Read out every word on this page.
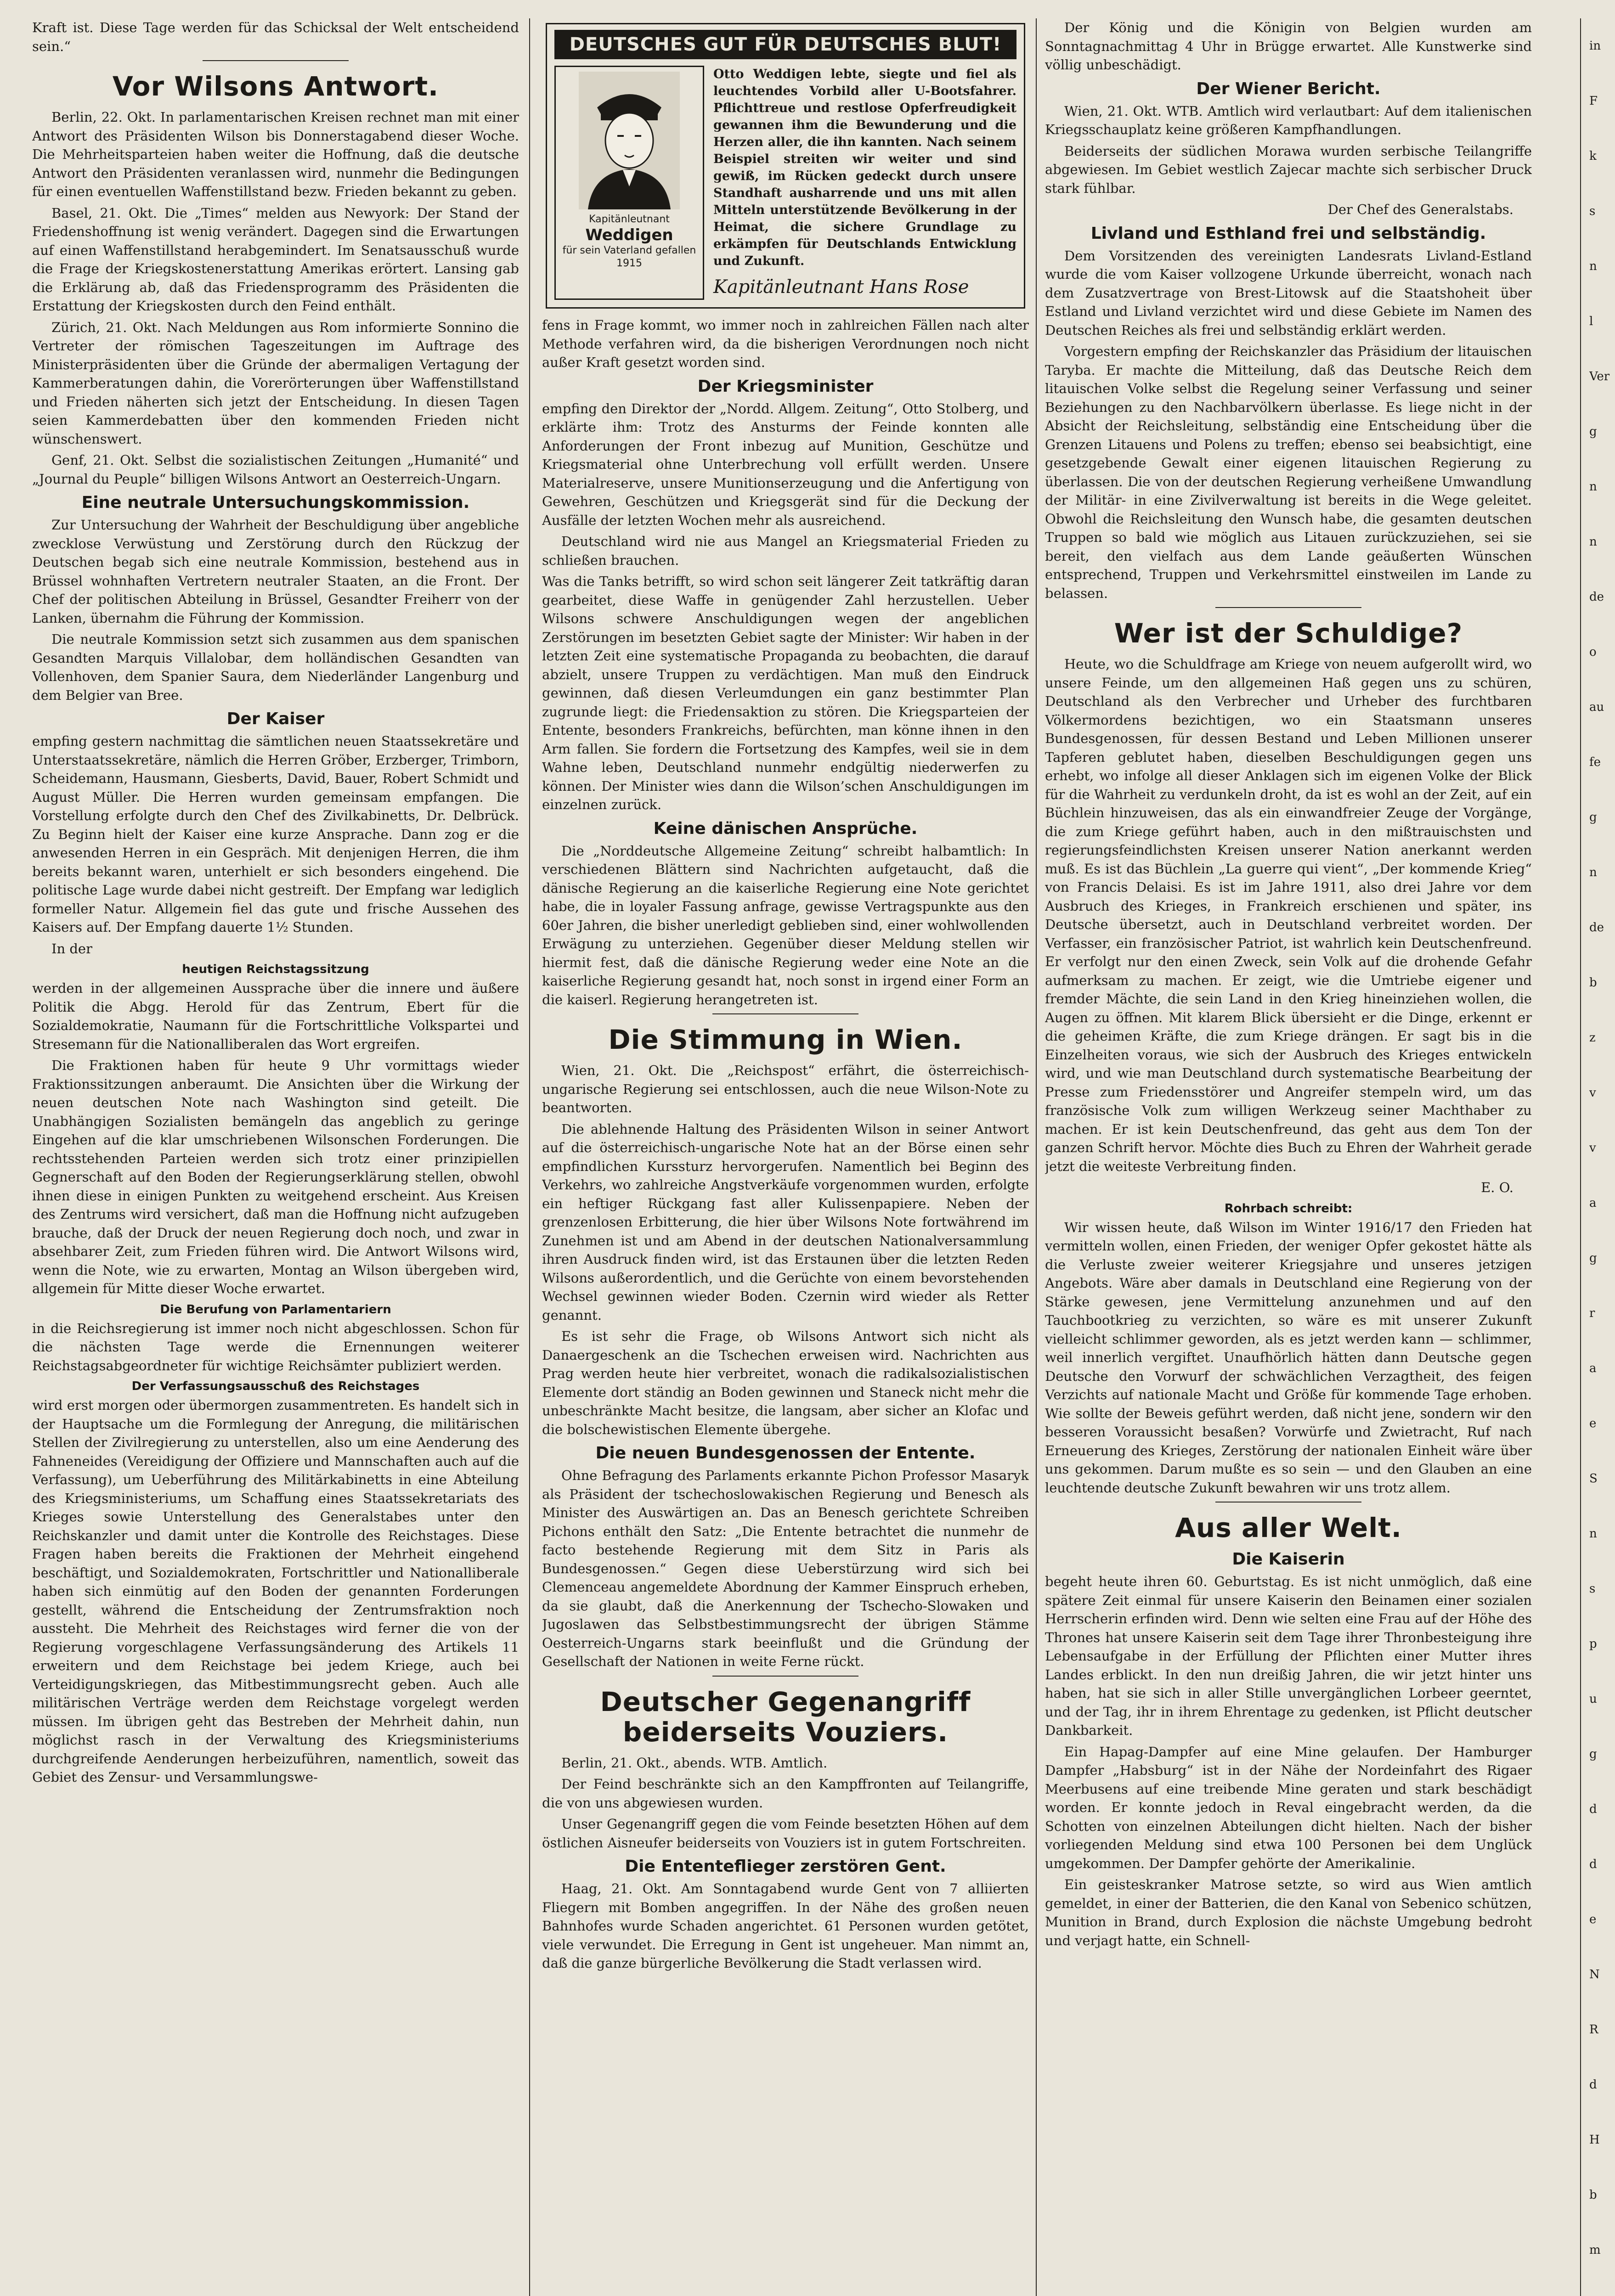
Kraft ist. Diese Tage werden für das Schicksal der Welt entscheidend sein.“

Vor Wilsons Antwort.

Berlin, 22. Okt. In parlamentarischen Kreisen rechnet man mit einer Antwort des Präsidenten Wilson bis Donnerstagabend dieser Woche. Die Mehrheitsparteien haben weiter die Hoffnung, daß die deutsche Antwort den Präsidenten veranlassen wird, nunmehr die Bedingungen für einen eventuellen Waffenstillstand bezw. Frieden bekannt zu geben.

Basel, 21. Okt. Die „Times“ melden aus Newyork: Der Stand der Friedenshoffnung ist wenig verändert. Dagegen sind die Erwartungen auf einen Waffenstillstand herabgemindert. Im Senatsausschuß wurde die Frage der Kriegskostenerstattung Amerikas erörtert. Lansing gab die Erklärung ab, daß das Friedensprogramm des Präsidenten die Erstattung der Kriegskosten durch den Feind enthält.

Zürich, 21. Okt. Nach Meldungen aus Rom informierte Sonnino die Vertreter der römischen Tageszeitungen im Auftrage des Ministerpräsidenten über die Gründe der abermaligen Vertagung der Kammerberatungen dahin, die Vorerörterungen über Waffenstillstand und Frieden näherten sich jetzt der Entscheidung. In diesen Tagen seien Kammerdebatten über den kommenden Frieden nicht wünschenswert.

Genf, 21. Okt. Selbst die sozialistischen Zeitungen „Humanité“ und „Journal du Peuple“ billigen Wilsons Antwort an Oesterreich-Ungarn.

Eine neutrale Untersuchungskommission.

Zur Untersuchung der Wahrheit der Beschuldigung über angebliche zwecklose Verwüstung und Zerstörung durch den Rückzug der Deutschen begab sich eine neutrale Kommission, bestehend aus in Brüssel wohnhaften Vertretern neutraler Staaten, an die Front. Der Chef der politischen Abteilung in Brüssel, Gesandter Freiherr von der Lanken, übernahm die Führung der Kommission.

Die neutrale Kommission setzt sich zusammen aus dem spanischen Gesandten Marquis Villalobar, dem holländischen Gesandten van Vollenhoven, dem Spanier Saura, dem Niederländer Langenburg und dem Belgier van Bree.

Der Kaiser

empfing gestern nachmittag die sämtlichen neuen Staatssekretäre und Unterstaatssekretäre, nämlich die Herren Gröber, Erzberger, Trimborn, Scheidemann, Hausmann, Giesberts, David, Bauer, Robert Schmidt und August Müller. Die Herren wurden gemeinsam empfangen. Die Vorstellung erfolgte durch den Chef des Zivilkabinetts, Dr. Delbrück. Zu Beginn hielt der Kaiser eine kurze Ansprache. Dann zog er die anwesenden Herren in ein Gespräch. Mit denjenigen Herren, die ihm bereits bekannt waren, unterhielt er sich besonders eingehend. Die politische Lage wurde dabei nicht gestreift. Der Empfang war lediglich formeller Natur. Allgemein fiel das gute und frische Aussehen des Kaisers auf. Der Empfang dauerte 1½ Stunden.

In der

heutigen Reichstagssitzung

werden in der allgemeinen Aussprache über die innere und äußere Politik die Abgg. Herold für das Zentrum, Ebert für die Sozialdemokratie, Naumann für die Fortschrittliche Volkspartei und Stresemann für die Nationalliberalen das Wort ergreifen.

Die Fraktionen haben für heute 9 Uhr vormittags wieder Fraktionssitzungen anberaumt. Die Ansichten über die Wirkung der neuen deutschen Note nach Washington sind geteilt. Die Unabhängigen Sozialisten bemängeln das angeblich zu geringe Eingehen auf die klar umschriebenen Wilsonschen Forderungen. Die rechtsstehenden Parteien werden sich trotz einer prinzipiellen Gegnerschaft auf den Boden der Regierungserklärung stellen, obwohl ihnen diese in einigen Punkten zu weitgehend erscheint. Aus Kreisen des Zentrums wird versichert, daß man die Hoffnung nicht aufzugeben brauche, daß der Druck der neuen Regierung doch noch, und zwar in absehbarer Zeit, zum Frieden führen wird. Die Antwort Wilsons wird, wenn die Note, wie zu erwarten, Montag an Wilson übergeben wird, allgemein für Mitte dieser Woche erwartet.

Die Berufung von Parlamentariern

in die Reichsregierung ist immer noch nicht abgeschlossen. Schon für die nächsten Tage werde die Ernennungen weiterer Reichstagsabgeordneter für wichtige Reichsämter publiziert werden.

Der Verfassungsausschuß des Reichstages

wird erst morgen oder übermorgen zusammentreten. Es handelt sich in der Hauptsache um die Formlegung der Anregung, die militärischen Stellen der Zivilregierung zu unterstellen, also um eine Aenderung des Fahneneides (Vereidigung der Offiziere und Mannschaften auch auf die Verfassung), um Ueberführung des Militärkabinetts in eine Abteilung des Kriegsministeriums, um Schaffung eines Staatssekretariats des Krieges sowie Unterstellung des Generalstabes unter den Reichskanzler und damit unter die Kontrolle des Reichstages. Diese Fragen haben bereits die Fraktionen der Mehrheit eingehend beschäftigt, und Sozialdemokraten, Fortschrittler und Nationalliberale haben sich einmütig auf den Boden der genannten Forderungen gestellt, während die Entscheidung der Zentrumsfraktion noch aussteht. Die Mehrheit des Reichstages wird ferner die von der Regierung vorgeschlagene Verfassungsänderung des Artikels 11 erweitern und dem Reichstage bei jedem Kriege, auch bei Verteidigungskriegen, das Mitbestimmungsrecht geben. Auch alle militärischen Verträge werden dem Reichstage vorgelegt werden müssen. Im übrigen geht das Bestreben der Mehrheit dahin, nun möglichst rasch in der Verwaltung des Kriegsministeriums durchgreifende Aenderungen herbeizuführen, namentlich, soweit das Gebiet des Zensur- und Versammlungswe-

DEUTSCHES GUT FÜR DEUTSCHES BLUT!
Kapitänleutnant
Weddigen
für sein Vaterland gefallen
1915

Otto Weddigen lebte, siegte und fiel als leuchtendes Vorbild aller U-Bootsfahrer. Pflichttreue und restlose Opferfreudigkeit gewannen ihm die Bewunderung und die Herzen aller, die ihn kannten. Nach seinem Beispiel streiten wir weiter und sind gewiß, im Rücken gedeckt durch unsere Standhaft ausharrende und uns mit allen Mitteln unterstützende Bevölkerung in der Heimat, die sichere Grundlage zu erkämpfen für Deutschlands Entwicklung und Zukunft.

Kapitänleutnant Hans Rose

fens in Frage kommt, wo immer noch in zahlreichen Fällen nach alter Methode verfahren wird, da die bisherigen Verordnungen noch nicht außer Kraft gesetzt worden sind.

Der Kriegsminister

empfing den Direktor der „Nordd. Allgem. Zeitung“, Otto Stolberg, und erklärte ihm: Trotz des Ansturms der Feinde konnten alle Anforderungen der Front inbezug auf Munition, Geschütze und Kriegsmaterial ohne Unterbrechung voll erfüllt werden. Unsere Materialreserve, unsere Munitionserzeugung und die Anfertigung von Gewehren, Geschützen und Kriegsgerät sind für die Deckung der Ausfälle der letzten Wochen mehr als ausreichend.

Deutschland wird nie aus Mangel an Kriegsmaterial Frieden zu schließen brauchen.

Was die Tanks betrifft, so wird schon seit längerer Zeit tatkräftig daran gearbeitet, diese Waffe in genügender Zahl herzustellen. Ueber Wilsons schwere Anschuldigungen wegen der angeblichen Zerstörungen im besetzten Gebiet sagte der Minister: Wir haben in der letzten Zeit eine systematische Propaganda zu beobachten, die darauf abzielt, unsere Truppen zu verdächtigen. Man muß den Eindruck gewinnen, daß diesen Verleumdungen ein ganz bestimmter Plan zugrunde liegt: die Friedensaktion zu stören. Die Kriegsparteien der Entente, besonders Frankreichs, befürchten, man könne ihnen in den Arm fallen. Sie fordern die Fortsetzung des Kampfes, weil sie in dem Wahne leben, Deutschland nunmehr endgültig niederwerfen zu können. Der Minister wies dann die Wilson’schen Anschuldigungen im einzelnen zurück.

Keine dänischen Ansprüche.

Die „Norddeutsche Allgemeine Zeitung“ schreibt halbamtlich: In verschiedenen Blättern sind Nachrichten aufgetaucht, daß die dänische Regierung an die kaiserliche Regierung eine Note gerichtet habe, die in loyaler Fassung anfrage, gewisse Vertragspunkte aus den 60er Jahren, die bisher unerledigt geblieben sind, einer wohlwollenden Erwägung zu unterziehen. Gegenüber dieser Meldung stellen wir hiermit fest, daß die dänische Regierung weder eine Note an die kaiserliche Regierung gesandt hat, noch sonst in irgend einer Form an die kaiserl. Regierung herangetreten ist.

Die Stimmung in Wien.

Wien, 21. Okt. Die „Reichspost“ erfährt, die österreichisch-ungarische Regierung sei entschlossen, auch die neue Wilson-Note zu beantworten.

Die ablehnende Haltung des Präsidenten Wilson in seiner Antwort auf die österreichisch-ungarische Note hat an der Börse einen sehr empfindlichen Kurssturz hervorgerufen. Namentlich bei Beginn des Verkehrs, wo zahlreiche Angstverkäufe vorgenommen wurden, erfolgte ein heftiger Rückgang fast aller Kulissenpapiere. Neben der grenzenlosen Erbitterung, die hier über Wilsons Note fortwährend im Zunehmen ist und am Abend in der deutschen Nationalversammlung ihren Ausdruck finden wird, ist das Erstaunen über die letzten Reden Wilsons außerordentlich, und die Gerüchte von einem bevorstehenden Wechsel gewinnen wieder Boden. Czernin wird wieder als Retter genannt.

Es ist sehr die Frage, ob Wilsons Antwort sich nicht als Danaergeschenk an die Tschechen erweisen wird. Nachrichten aus Prag werden heute hier verbreitet, wonach die radikalsozialistischen Elemente dort ständig an Boden gewinnen und Staneck nicht mehr die unbeschränkte Macht besitze, die langsam, aber sicher an Klofac und die bolschewistischen Elemente übergehe.

Die neuen Bundesgenossen der Entente.

Ohne Befragung des Parlaments erkannte Pichon Professor Masaryk als Präsident der tschechoslowakischen Regierung und Benesch als Minister des Auswärtigen an. Das an Benesch gerichtete Schreiben Pichons enthält den Satz: „Die Entente betrachtet die nunmehr de facto bestehende Regierung mit dem Sitz in Paris als Bundesgenossen.“ Gegen diese Ueberstürzung wird sich bei Clemenceau angemeldete Abordnung der Kammer Einspruch erheben, da sie glaubt, daß die Anerkennung der Tschecho-Slowaken und Jugoslawen das Selbstbestimmungsrecht der übrigen Stämme Oesterreich-Ungarns stark beeinflußt und die Gründung der Gesellschaft der Nationen in weite Ferne rückt.

Deutscher Gegenangriff beiderseits Vouziers.

Berlin, 21. Okt., abends. WTB. Amtlich.

Der Feind beschränkte sich an den Kampffronten auf Teilangriffe, die von uns abgewiesen wurden.

Unser Gegenangriff gegen die vom Feinde besetzten Höhen auf dem östlichen Aisneufer beiderseits von Vouziers ist in gutem Fortschreiten.

Die Ententeflieger zerstören Gent.

Haag, 21. Okt. Am Sonntagabend wurde Gent von 7 alliierten Fliegern mit Bomben angegriffen. In der Nähe des großen neuen Bahnhofes wurde Schaden angerichtet. 61 Personen wurden getötet, viele verwundet. Die Erregung in Gent ist ungeheuer. Man nimmt an, daß die ganze bürgerliche Bevölkerung die Stadt verlassen wird.

Der König und die Königin von Belgien wurden am Sonntagnachmittag 4 Uhr in Brügge erwartet. Alle Kunstwerke sind völlig unbeschädigt.

Der Wiener Bericht.

Wien, 21. Okt. WTB. Amtlich wird verlautbart: Auf dem italienischen Kriegsschauplatz keine größeren Kampfhandlungen.

Beiderseits der südlichen Morawa wurden serbische Teilangriffe abgewiesen. Im Gebiet westlich Zajecar machte sich serbischer Druck stark fühlbar.

Der Chef des Generalstabs.

Livland und Esthland frei und selbständig.

Dem Vorsitzenden des vereinigten Landesrats Livland-Estland wurde die vom Kaiser vollzogene Urkunde überreicht, wonach nach dem Zusatzvertrage von Brest-Litowsk auf die Staatshoheit über Estland und Livland verzichtet wird und diese Gebiete im Namen des Deutschen Reiches als frei und selbständig erklärt werden.

Vorgestern empfing der Reichskanzler das Präsidium der litauischen Taryba. Er machte die Mitteilung, daß das Deutsche Reich dem litauischen Volke selbst die Regelung seiner Verfassung und seiner Beziehungen zu den Nachbarvölkern überlasse. Es liege nicht in der Absicht der Reichsleitung, selbständig eine Entscheidung über die Grenzen Litauens und Polens zu treffen; ebenso sei beabsichtigt, eine gesetzgebende Gewalt einer eigenen litauischen Regierung zu überlassen. Die von der deutschen Regierung verheißene Umwandlung der Militär- in eine Zivilverwaltung ist bereits in die Wege geleitet. Obwohl die Reichsleitung den Wunsch habe, die gesamten deutschen Truppen so bald wie möglich aus Litauen zurückzuziehen, sei sie bereit, den vielfach aus dem Lande geäußerten Wünschen entsprechend, Truppen und Verkehrsmittel einstweilen im Lande zu belassen.

Wer ist der Schuldige?

Heute, wo die Schuldfrage am Kriege von neuem aufgerollt wird, wo unsere Feinde, um den allgemeinen Haß gegen uns zu schüren, Deutschland als den Verbrecher und Urheber des furchtbaren Völkermordens bezichtigen, wo ein Staatsmann unseres Bundesgenossen, für dessen Bestand und Leben Millionen unserer Tapferen geblutet haben, dieselben Beschuldigungen gegen uns erhebt, wo infolge all dieser Anklagen sich im eigenen Volke der Blick für die Wahrheit zu verdunkeln droht, da ist es wohl an der Zeit, auf ein Büchlein hinzuweisen, das als ein einwandfreier Zeuge der Vorgänge, die zum Kriege geführt haben, auch in den mißtrauischsten und regierungsfeindlichsten Kreisen unserer Nation anerkannt werden muß. Es ist das Büchlein „La guerre qui vient“, „Der kommende Krieg“ von Francis Delaisi. Es ist im Jahre 1911, also drei Jahre vor dem Ausbruch des Krieges, in Frankreich erschienen und später, ins Deutsche übersetzt, auch in Deutschland verbreitet worden. Der Verfasser, ein französischer Patriot, ist wahrlich kein Deutschenfreund. Er verfolgt nur den einen Zweck, sein Volk auf die drohende Gefahr aufmerksam zu machen. Er zeigt, wie die Umtriebe eigener und fremder Mächte, die sein Land in den Krieg hineinziehen wollen, die Augen zu öffnen. Mit klarem Blick übersieht er die Dinge, erkennt er die geheimen Kräfte, die zum Kriege drängen. Er sagt bis in die Einzelheiten voraus, wie sich der Ausbruch des Krieges entwickeln wird, und wie man Deutschland durch systematische Bearbeitung der Presse zum Friedensstörer und Angreifer stempeln wird, um das französische Volk zum willigen Werkzeug seiner Machthaber zu machen. Er ist kein Deutschenfreund, das geht aus dem Ton der ganzen Schrift hervor. Möchte dies Buch zu Ehren der Wahrheit gerade jetzt die weiteste Verbreitung finden.

E. O.

Rohrbach schreibt:

Wir wissen heute, daß Wilson im Winter 1916/17 den Frieden hat vermitteln wollen, einen Frieden, der weniger Opfer gekostet hätte als die Verluste zweier weiterer Kriegsjahre und unseres jetzigen Angebots. Wäre aber damals in Deutschland eine Regierung von der Stärke gewesen, jene Vermittelung anzunehmen und auf den Tauchbootkrieg zu verzichten, so wäre es mit unserer Zukunft vielleicht schlimmer geworden, als es jetzt werden kann — schlimmer, weil innerlich vergiftet. Unaufhörlich hätten dann Deutsche gegen Deutsche den Vorwurf der schwächlichen Verzagtheit, des feigen Verzichts auf nationale Macht und Größe für kommende Tage erhoben. Wie sollte der Beweis geführt werden, daß nicht jene, sondern wir den besseren Voraussicht besaßen? Vorwürfe und Zwietracht, Ruf nach Erneuerung des Krieges, Zerstörung der nationalen Einheit wäre über uns gekommen. Darum mußte es so sein — und den Glauben an eine leuchtende deutsche Zukunft bewahren wir uns trotz allem.

Aus aller Welt.
Die Kaiserin

begeht heute ihren 60. Geburtstag. Es ist nicht unmöglich, daß eine spätere Zeit einmal für unsere Kaiserin den Beinamen einer sozialen Herrscherin erfinden wird. Denn wie selten eine Frau auf der Höhe des Thrones hat unsere Kaiserin seit dem Tage ihrer Thronbesteigung ihre Lebensaufgabe in der Erfüllung der Pflichten einer Mutter ihres Landes erblickt. In den nun dreißig Jahren, die wir jetzt hinter uns haben, hat sie sich in aller Stille unvergänglichen Lorbeer geerntet, und der Tag, ihr in ihrem Ehrentage zu gedenken, ist Pflicht deutscher Dankbarkeit.

Ein Hapag-Dampfer auf eine Mine gelaufen. Der Hamburger Dampfer „Habsburg“ ist in der Nähe der Nordeinfahrt des Rigaer Meerbusens auf eine treibende Mine geraten und stark beschädigt worden. Er konnte jedoch in Reval eingebracht werden, da die Schotten von einzelnen Abteilungen dicht hielten. Nach der bisher vorliegenden Meldung sind etwa 100 Personen bei dem Unglück umgekommen. Der Dampfer gehörte der Amerikalinie.

Ein geisteskranker Matrose setzte, so wird aus Wien amtlich gemeldet, in einer der Batterien, die den Kanal von Sebenico schützen, Munition in Brand, durch Explosion die nächste Umgebung bedroht und verjagt hatte, ein Schnell-

in
F
k
s
n
l
Ver
g
n
n
de
o
au
fe
g
n
de
b
z
v
v
a
g
r
a
e
S
n
s
p
u
g
d
d
e
N
R
d
H
b
m
